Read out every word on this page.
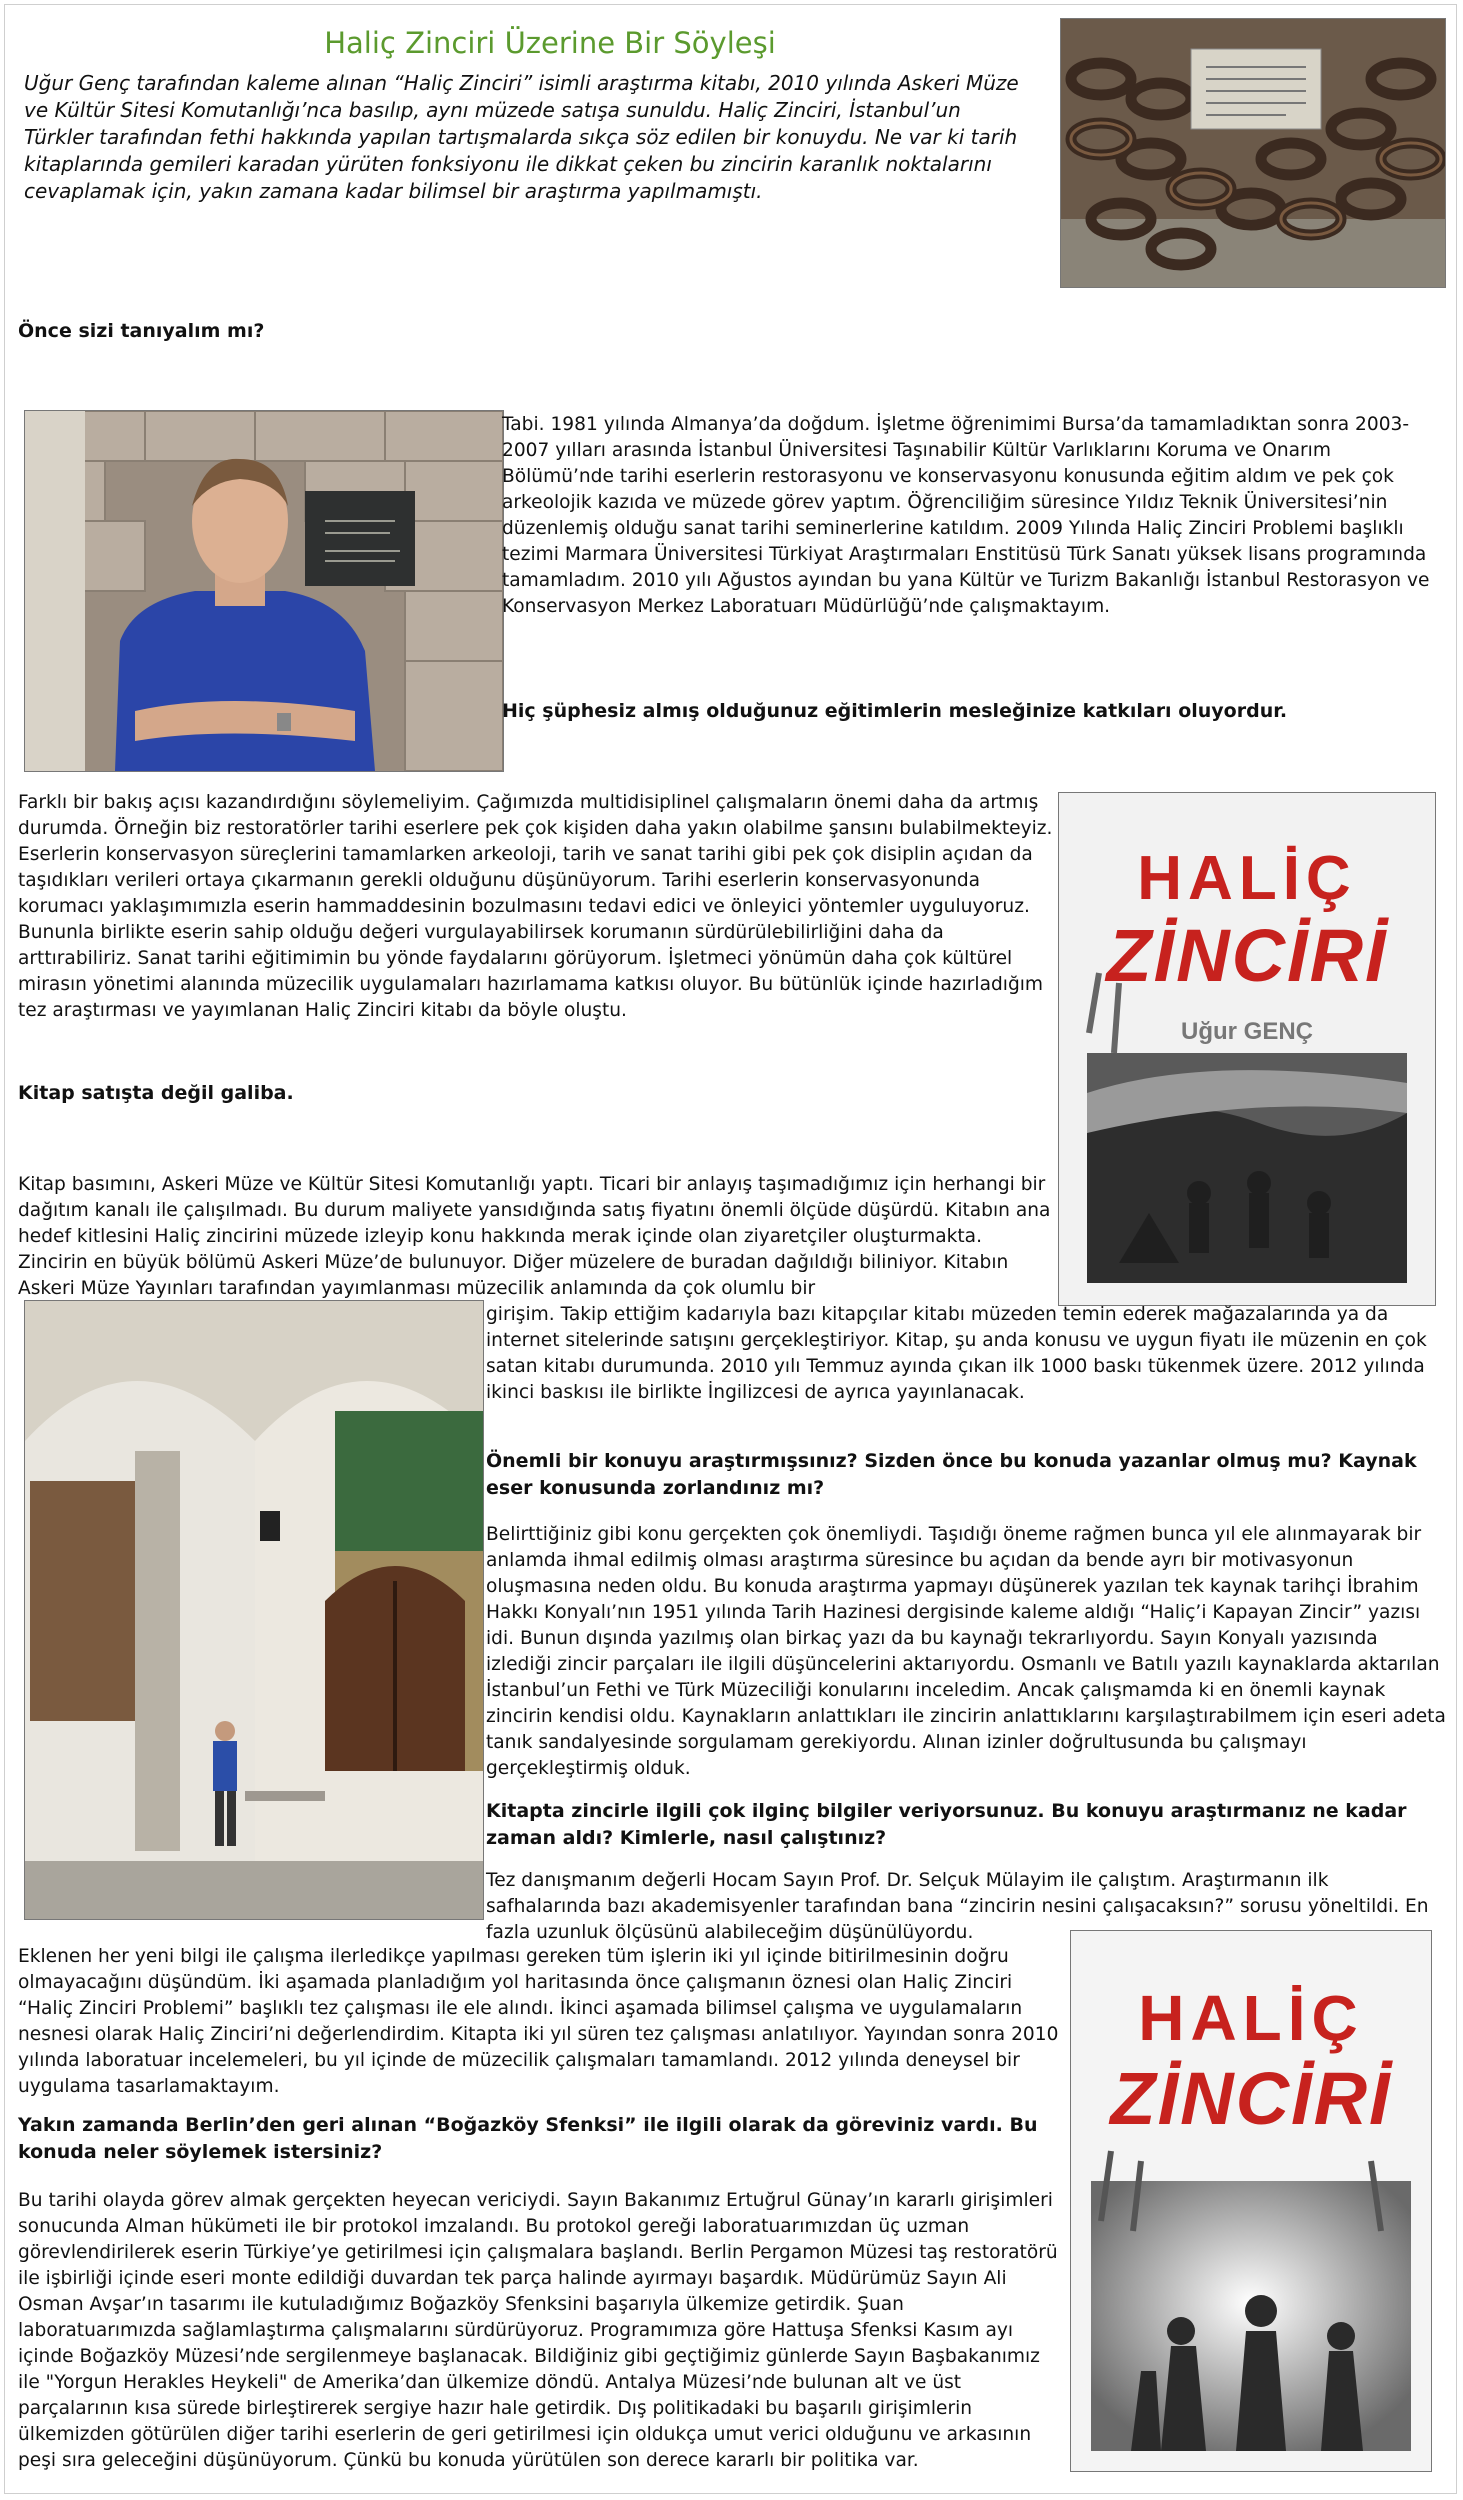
Haliç Zinciri Üzerine Bir Söyleşi
Uğur Genç tarafından kaleme alınan “Haliç Zinciri” isimli araştırma kitabı, 2010 yılında Askeri Müze ve Kültür Sitesi Komutanlığı’nca basılıp, aynı müzede satışa sunuldu. Haliç Zinciri, İstanbul’un Türkler tarafından fethi hakkında yapılan tartışmalarda sıkça söz edilen bir konuydu. Ne var ki tarih kitaplarında gemileri karadan yürüten fonksiyonu ile dikkat çeken bu zincirin karanlık noktalarını cevaplamak için, yakın zamana kadar bilimsel bir araştırma yapılmamıştı.
Önce sizi tanıyalım mı?

Tabi. 1981 yılında Almanya’da doğdum. İşletme öğrenimimi Bursa’da tamamladıktan sonra 2003-2007 yılları arasında İstanbul Üniversitesi Taşınabilir Kültür Varlıklarını Koruma ve Onarım Bölümü’nde tarihi eserlerin restorasyonu ve konservasyonu konusunda eğitim aldım ve pek çok arkeolojik kazıda ve müzede görev yaptım. Öğrenciliğim süresince Yıldız Teknik Üniversitesi’nin düzenlemiş olduğu sanat tarihi seminerlerine katıldım. 2009 Yılında Haliç Zinciri Problemi başlıklı tezimi Marmara Üniversitesi Türkiyat Araştırmaları Enstitüsü Türk Sanatı yüksek lisans programında tamamladım. 2010 yılı Ağustos ayından bu yana Kültür ve Turizm Bakanlığı İstanbul Restorasyon ve Konservasyon Merkez Laboratuarı Müdürlüğü’nde çalışmaktayım.

Hiç şüphesiz almış olduğunuz eğitimlerin mesleğinize katkıları oluyordur.

Farklı bir bakış açısı kazandırdığını söylemeliyim. Çağımızda multidisiplinel çalışmaların önemi daha da artmış durumda. Örneğin biz restoratörler tarihi eserlere pek çok kişiden daha yakın olabilme şansını bulabilmekteyiz. Eserlerin konservasyon süreçlerini tamamlarken arkeoloji, tarih ve sanat tarihi gibi pek çok disiplin açıdan da taşıdıkları verileri ortaya çıkarmanın gerekli olduğunu düşünüyorum. Tarihi eserlerin konservasyonunda korumacı yaklaşımımızla eserin hammaddesinin bozulmasını tedavi edici ve önleyici yöntemler uyguluyoruz. Bununla birlikte eserin sahip olduğu değeri vurgulayabilirsek korumanın sürdürülebilirliğini daha da arttırabiliriz. Sanat tarihi eğitimimin bu yönde faydalarını görüyorum. İşletmeci yönümün daha çok kültürel mirasın yönetimi alanında müzecilik uygulamaları hazırlamama katkısı oluyor. Bu bütünlük içinde hazırladığım tez araştırması ve yayımlanan Haliç Zinciri kitabı da böyle oluştu.

HALİÇ
ZİNCİRİ
Uğur GENÇ
Kitap satışta değil galiba.

Kitap basımını, Askeri Müze ve Kültür Sitesi Komutanlığı yaptı. Ticari bir anlayış taşımadığımız için herhangi bir dağıtım kanalı ile çalışılmadı. Bu durum maliyete yansıdığında satış fiyatını önemli ölçüde düşürdü. Kitabın ana hedef kitlesini Haliç zincirini müzede izleyip konu hakkında merak içinde olan ziyaretçiler oluşturmakta. Zincirin en büyük bölümü Askeri Müze’de bulunuyor. Diğer müzelere de buradan dağıldığı biliniyor. Kitabın Askeri Müze Yayınları tarafından yayımlanması müzecilik anlamında da çok olumlu bir

girişim. Takip ettiğim kadarıyla bazı kitapçılar kitabı müzeden temin ederek mağazalarında ya da internet sitelerinde satışını gerçekleştiriyor. Kitap, şu anda konusu ve uygun fiyatı ile müzenin en çok satan kitabı durumunda. 2010 yılı Temmuz ayında çıkan ilk 1000 baskı tükenmek üzere. 2012 yılında ikinci baskısı ile birlikte İngilizcesi de ayrıca yayınlanacak.

Önemli bir konuyu araştırmışsınız? Sizden önce bu konuda yazanlar olmuş mu? Kaynak eser konusunda zorlandınız mı?

Belirttiğiniz gibi konu gerçekten çok önemliydi. Taşıdığı öneme rağmen bunca yıl ele alınmayarak bir anlamda ihmal edilmiş olması araştırma süresince bu açıdan da bende ayrı bir motivasyonun oluşmasına neden oldu. Bu konuda araştırma yapmayı düşünerek yazılan tek kaynak tarihçi İbrahim Hakkı Konyalı’nın 1951 yılında Tarih Hazinesi dergisinde kaleme aldığı “Haliç’i Kapayan Zincir” yazısı idi. Bunun dışında yazılmış olan birkaç yazı da bu kaynağı tekrarlıyordu. Sayın Konyalı yazısında izlediği zincir parçaları ile ilgili düşüncelerini aktarıyordu. Osmanlı ve Batılı yazılı kaynaklarda aktarılan İstanbul’un Fethi ve Türk Müzeciliği konularını inceledim. Ancak çalışmamda ki en önemli kaynak zincirin kendisi oldu. Kaynakların anlattıkları ile zincirin anlattıklarını karşılaştırabilmem için eseri adeta tanık sandalyesinde sorgulamam gerekiyordu. Alınan izinler doğrultusunda bu çalışmayı gerçekleştirmiş olduk.

Kitapta zincirle ilgili çok ilginç bilgiler veriyorsunuz. Bu konuyu araştırmanız ne kadar zaman aldı? Kimlerle, nasıl çalıştınız?

Tez danışmanım değerli Hocam Sayın Prof. Dr. Selçuk Mülayim ile çalıştım. Araştırmanın ilk safhalarında bazı akademisyenler tarafından bana “zincirin nesini çalışacaksın?” sorusu yöneltildi. En fazla uzunluk ölçüsünü alabileceğim düşünülüyordu.

Eklenen her yeni bilgi ile çalışma ilerledikçe yapılması gereken tüm işlerin iki yıl içinde bitirilmesinin doğru olmayacağını düşündüm. İki aşamada planladığım yol haritasında önce çalışmanın öznesi olan Haliç Zinciri “Haliç Zinciri Problemi” başlıklı tez çalışması ile ele alındı. İkinci aşamada bilimsel çalışma ve uygulamaların nesnesi olarak Haliç Zinciri’ni değerlendirdim. Kitapta iki yıl süren tez çalışması anlatılıyor. Yayından sonra 2010 yılında laboratuar incelemeleri, bu yıl içinde de müzecilik çalışmaları tamamlandı. 2012 yılında deneysel bir uygulama tasarlamaktayım.

HALİÇ
ZİNCİRİ
Yakın zamanda Berlin’den geri alınan “Boğazköy Sfenksi” ile ilgili olarak da göreviniz vardı. Bu konuda neler söylemek istersiniz?

Bu tarihi olayda görev almak gerçekten heyecan vericiydi. Sayın Bakanımız Ertuğrul Günay’ın kararlı girişimleri sonucunda Alman hükümeti ile bir protokol imzalandı. Bu protokol gereği laboratuarımızdan üç uzman görevlendirilerek eserin Türkiye’ye getirilmesi için çalışmalara başlandı. Berlin Pergamon Müzesi taş restoratörü ile işbirliği içinde eseri monte edildiği duvardan tek parça halinde ayırmayı başardık. Müdürümüz Sayın Ali Osman Avşar’ın tasarımı ile kutuladığımız Boğazköy Sfenksini başarıyla ülkemize getirdik. Şuan laboratuarımızda sağlamlaştırma çalışmalarını sürdürüyoruz. Programımıza göre Hattuşa Sfenksi Kasım ayı içinde Boğazköy Müzesi’nde sergilenmeye başlanacak. Bildiğiniz gibi geçtiğimiz günlerde Sayın Başbakanımız ile "Yorgun Herakles Heykeli" de Amerika’dan ülkemize döndü. Antalya Müzesi’nde bulunan alt ve üst parçalarının kısa sürede birleştirerek sergiye hazır hale getirdik. Dış politikadaki bu başarılı girişimlerin ülkemizden götürülen diğer tarihi eserlerin de geri getirilmesi için oldukça umut verici olduğunu ve arkasının peşi sıra geleceğini düşünüyorum. Çünkü bu konuda yürütülen son derece kararlı bir politika var.
